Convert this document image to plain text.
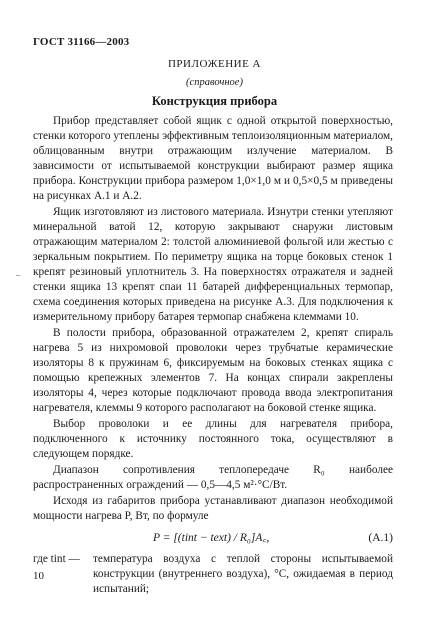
ГОСТ 31166—2003
ПРИЛОЖЕНИЕ А
(справочное)
Конструкция прибора
–

Прибор представляет собой ящик с одной открытой поверхностью, стенки которого утеплены эффективным теплоизоляционным материалом, облицованным внутри отражающим излучение материалом. В зависимости от испытываемой конструкции выбирают размер ящика прибора. Конструкции прибора размером 1,0×1,0 м и 0,5×0,5 м приведены на рисунках А.1 и А.2.

Ящик изготовляют из листового материала. Изнутри стенки утепляют минеральной ватой 12, которую закрывают снаружи листовым отражающим материалом 2: толстой алюминиевой фольгой или жестью с зеркальным покрытием. По периметру ящика на торце боковых стенок 1 крепят резиновый уплотнитель 3. На поверхностях отражателя и задней стенки ящика 13 крепят спаи 11 батарей дифференциальных термопар, схема соединения которых приведена на рисунке А.3. Для подключения к измерительному прибору батарея термопар снабжена клеммами 10.

В полости прибора, образованной отражателем 2, крепят спираль нагрева 5 из нихромовой проволоки через трубчатые керамические изоляторы 8 к пружинам 6, фиксируемым на боковых стенках ящика с помощью крепежных элементов 7. На концах спирали закреплены изоляторы 4, через которые подключают провода ввода электропитания нагревателя, клеммы 9 которого располагают на боковой стенке ящика.

Выбор проволоки и ее длины для нагревателя прибора, подключенного к источнику постоянного тока, осуществляют в следующем порядке.

Диапазон сопротивления теплопередаче R₀ наиболее распространенных ограждений — 0,5—4,5 м²·°С/Вт.

Исходя из габаритов прибора устанавливают диапазон необходимой мощности нагрева P, Вт, по формуле

P = [(tint − text) / R₀]A꜀,	(А.1)
где tint —	температура воздуха с теплой стороны испытываемой конструкции (внутреннего воздуха), °С, ожидаемая в период испытаний;
10
